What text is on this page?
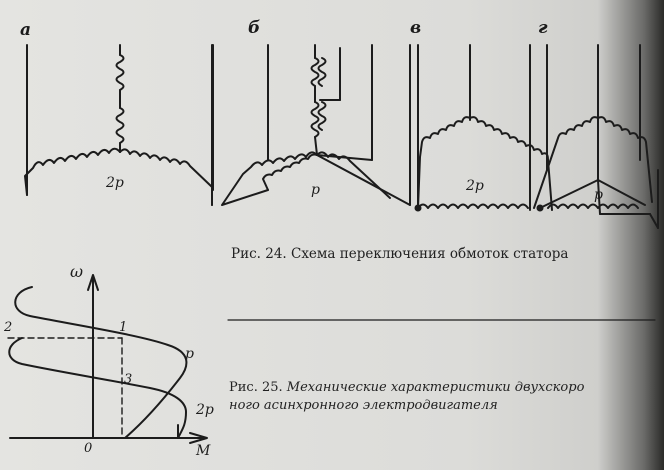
а	б	в	г
2p	p	2p
p
Рис. 24. Схема переключения обмоток статора
ω
M
0
1
2
3
p
2p
Рис. 25. Механические характеристики двухскоро
ного асинхронного электродвигателя
